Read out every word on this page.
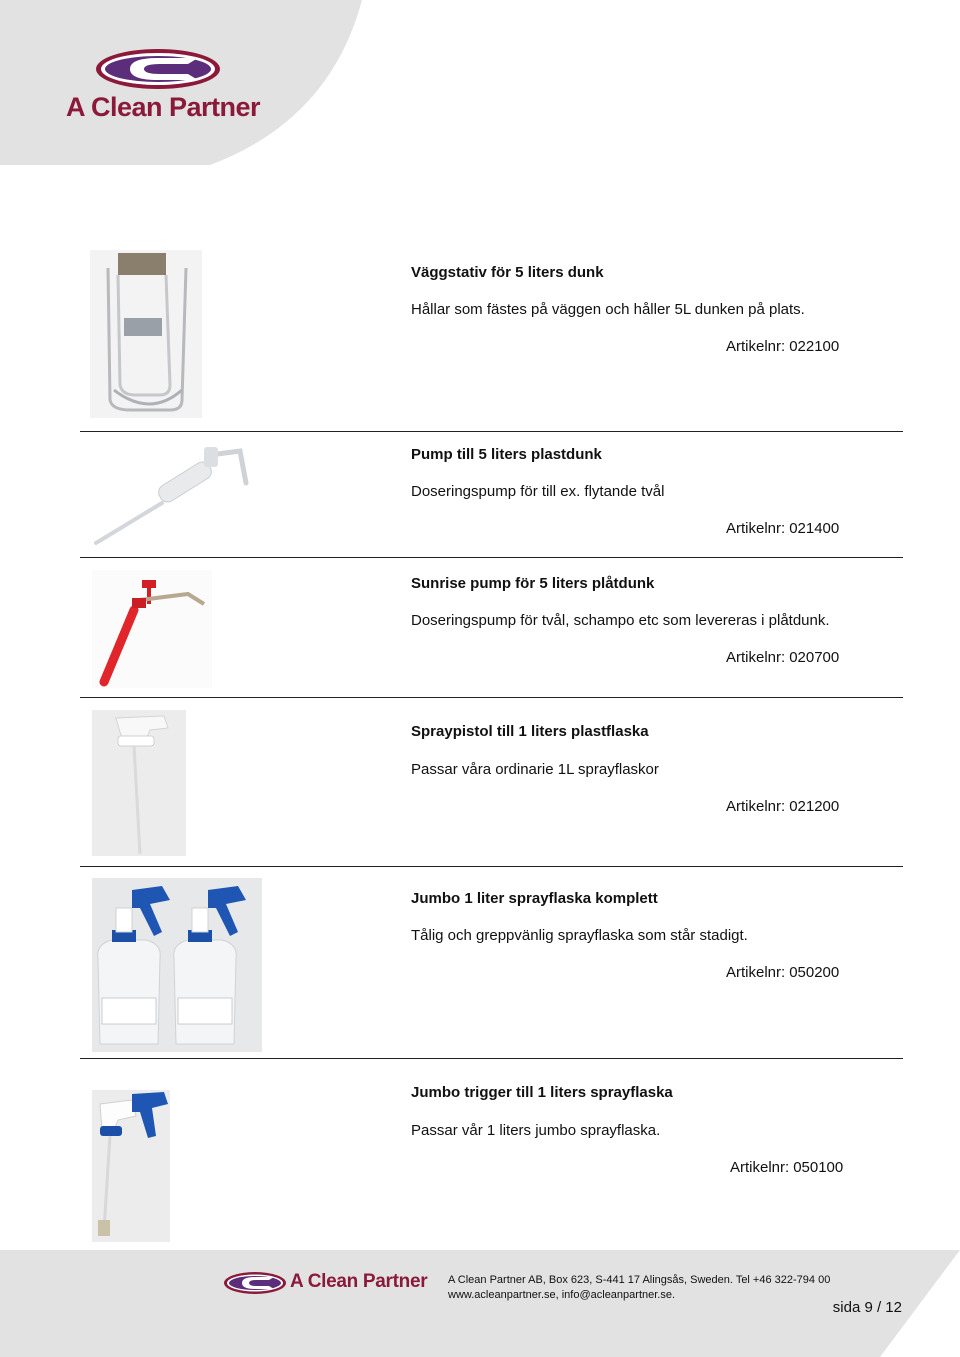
A Clean Partner
Väggstativ för 5 liters dunk
Hållar som fästes på väggen och håller 5L dunken på plats.
Artikelnr: 022100
Pump till 5 liters plastdunk
Doseringspump för till ex. flytande tvål
Artikelnr: 021400
Sunrise pump för 5 liters plåtdunk
Doseringspump för tvål, schampo etc som levereras i plåtdunk.
Artikelnr: 020700
Spraypistol till 1 liters plastflaska
Passar våra ordinarie 1L sprayflaskor
Artikelnr: 021200
Jumbo 1 liter sprayflaska komplett
Tålig och greppvänlig sprayflaska som står stadigt.
Artikelnr: 050200
Jumbo trigger till 1 liters sprayflaska
Passar vår 1 liters jumbo sprayflaska.
Artikelnr: 050100
A Clean Partner A Clean Partner AB, Box 623, S-441 17 Alingsås, Sweden. Tel +46 322-794 00
www.acleanpartner.se, info@acleanpartner.se.
sida 9 / 12
